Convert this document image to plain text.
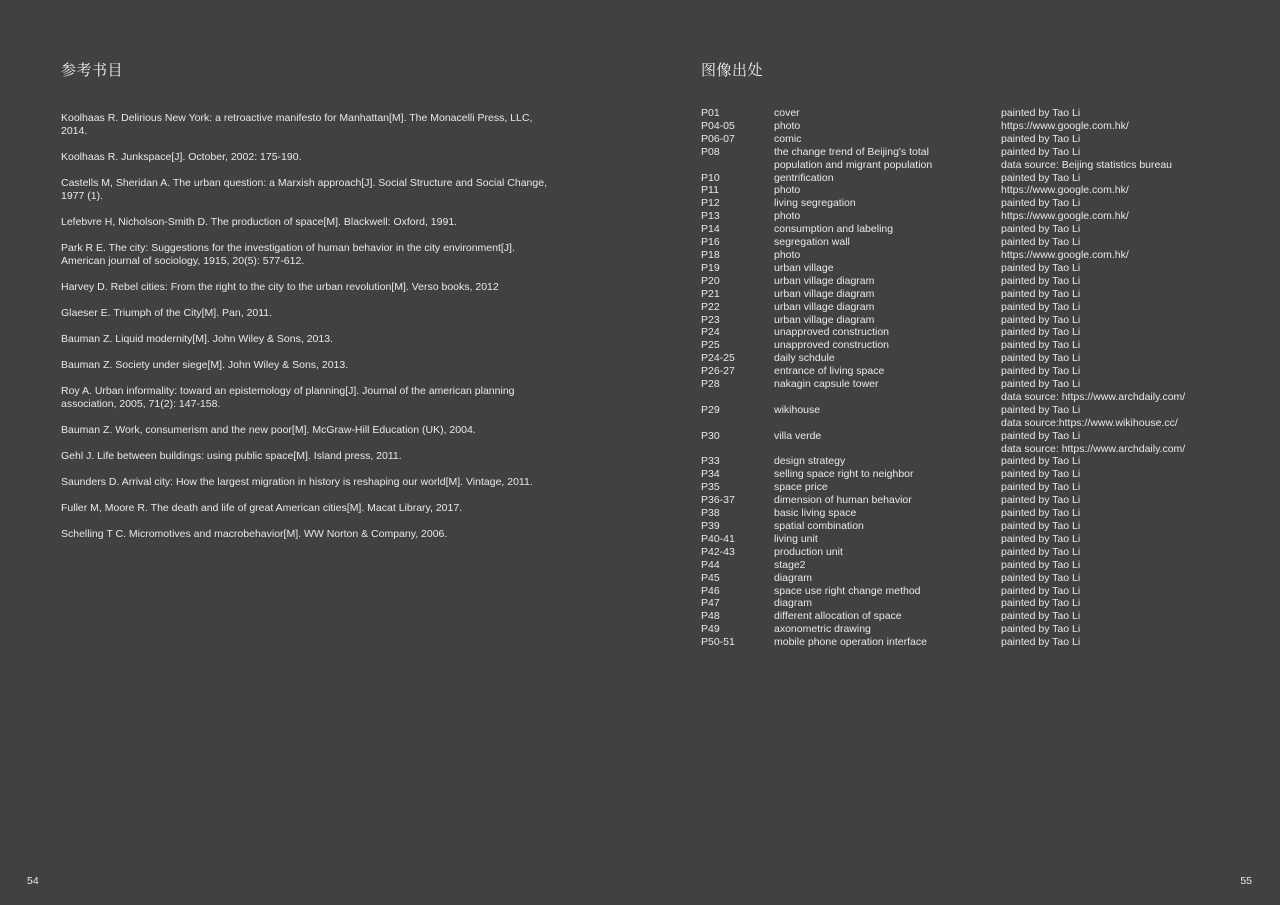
参考书目
Koolhaas R. Delirious New York: a retroactive manifesto for Manhattan[M]. The Monacelli Press, LLC, 2014.
Koolhaas R. Junkspace[J]. October, 2002: 175-190.
Castells M, Sheridan A. The urban question: a Marxish approach[J]. Social Structure and Social Change, 1977 (1).
Lefebvre H, Nicholson-Smith D. The production of space[M]. Blackwell: Oxford, 1991.
Park R E. The city: Suggestions for the investigation of human behavior in the city environment[J]. American journal of sociology, 1915, 20(5): 577-612.
Harvey D. Rebel cities: From the right to the city to the urban revolution[M]. Verso books, 2012
Glaeser E. Triumph of the City[M]. Pan, 2011.
Bauman Z. Liquid modernity[M]. John Wiley & Sons, 2013.
Bauman Z. Society under siege[M]. John Wiley & Sons, 2013.
Roy A. Urban informality: toward an epistemology of planning[J]. Journal of the american planning association, 2005, 71(2): 147-158.
Bauman Z. Work, consumerism and the new poor[M]. McGraw-Hill Education (UK), 2004.
Gehl J. Life between buildings: using public space[M]. Island press, 2011.
Saunders D. Arrival city: How the largest migration in history is reshaping our world[M]. Vintage, 2011.
Fuller M, Moore R. The death and life of great American cities[M]. Macat Library, 2017.
Schelling T C. Micromotives and macrobehavior[M]. WW Norton & Company, 2006.
54
图像出处
P01	cover	painted by Tao Li
P04-05	photo	https://www.google.com.hk/
P06-07	comic	painted by Tao Li
P08	the change trend of Beijing's total	painted by Tao Li
	population and migrant population	data source: Beijing statistics bureau
P10	gentrification	painted by Tao Li
P11	photo	https://www.google.com.hk/
P12	living segregation	painted by Tao Li
P13	photo	https://www.google.com.hk/
P14	consumption and labeling	painted by Tao Li
P16	segregation wall	painted by Tao Li
P18	photo	https://www.google.com.hk/
P19	urban village	painted by Tao Li
P20	urban village diagram	painted by Tao Li
P21	urban village diagram	painted by Tao Li
P22	urban village diagram	painted by Tao Li
P23	urban village diagram	painted by Tao Li
P24	unapproved construction	painted by Tao Li
P25	unapproved construction	painted by Tao Li
P24-25	daily schdule	painted by Tao Li
P26-27	entrance of living space	painted by Tao Li
P28	nakagin capsule tower	painted by Tao Li
		data source: https://www.archdaily.com/
P29	wikihouse	painted by Tao Li
		data source:https://www.wikihouse.cc/
P30	villa verde	painted by Tao Li
		data source: https://www.archdaily.com/
P33	design strategy	painted by Tao Li
P34	selling space right to neighbor	painted by Tao Li
P35	space price	painted by Tao Li
P36-37	dimension of human behavior	painted by Tao Li
P38	basic living space	painted by Tao Li
P39	spatial combination	painted by Tao Li
P40-41	living unit	painted by Tao Li
P42-43	production unit	painted by Tao Li
P44	stage2	painted by Tao Li
P45	diagram	painted by Tao Li
P46	space use right change method	painted by Tao Li
P47	diagram	painted by Tao Li
P48	different allocation of space	painted by Tao Li
P49	axonometric drawing	painted by Tao Li
P50-51	mobile phone operation interface	painted by Tao Li
55
